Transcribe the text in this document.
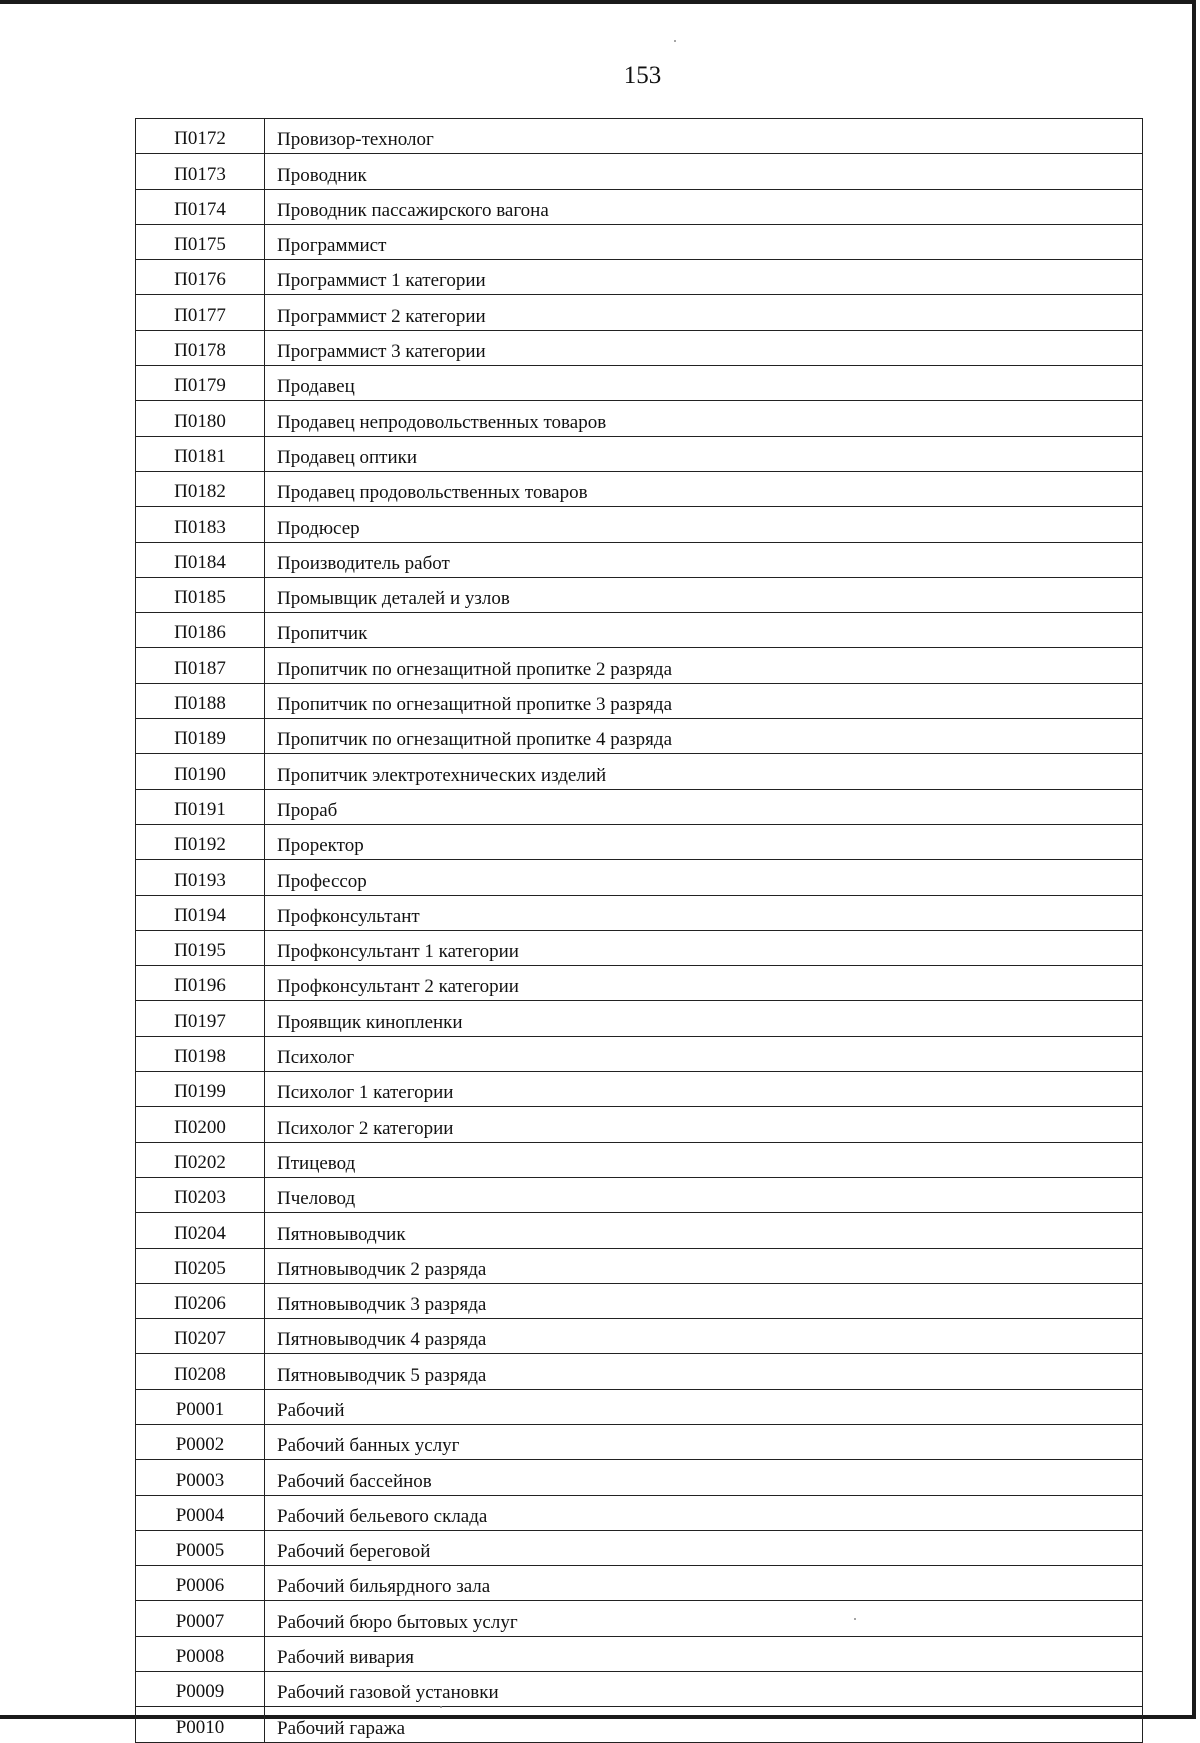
153
П0172	Провизор-технолог
П0173	Проводник
П0174	Проводник пассажирского вагона
П0175	Программист
П0176	Программист 1 категории
П0177	Программист 2 категории
П0178	Программист 3 категории
П0179	Продавец
П0180	Продавец непродовольственных товаров
П0181	Продавец оптики
П0182	Продавец продовольственных товаров
П0183	Продюсер
П0184	Производитель работ
П0185	Промывщик деталей и узлов
П0186	Пропитчик
П0187	Пропитчик по огнезащитной пропитке 2 разряда
П0188	Пропитчик по огнезащитной пропитке 3 разряда
П0189	Пропитчик по огнезащитной пропитке 4 разряда
П0190	Пропитчик электротехнических изделий
П0191	Прораб
П0192	Проректор
П0193	Профессор
П0194	Профконсультант
П0195	Профконсультант 1 категории
П0196	Профконсультант 2 категории
П0197	Проявщик кинопленки
П0198	Психолог
П0199	Психолог 1 категории
П0200	Психолог 2 категории
П0202	Птицевод
П0203	Пчеловод
П0204	Пятновыводчик
П0205	Пятновыводчик 2 разряда
П0206	Пятновыводчик 3 разряда
П0207	Пятновыводчик 4 разряда
П0208	Пятновыводчик 5 разряда
Р0001	Рабочий
Р0002	Рабочий банных услуг
Р0003	Рабочий бассейнов
Р0004	Рабочий бельевого склада
Р0005	Рабочий береговой
Р0006	Рабочий бильярдного зала
Р0007	Рабочий бюро бытовых услуг
Р0008	Рабочий вивария
Р0009	Рабочий газовой установки
Р0010	Рабочий гаража
